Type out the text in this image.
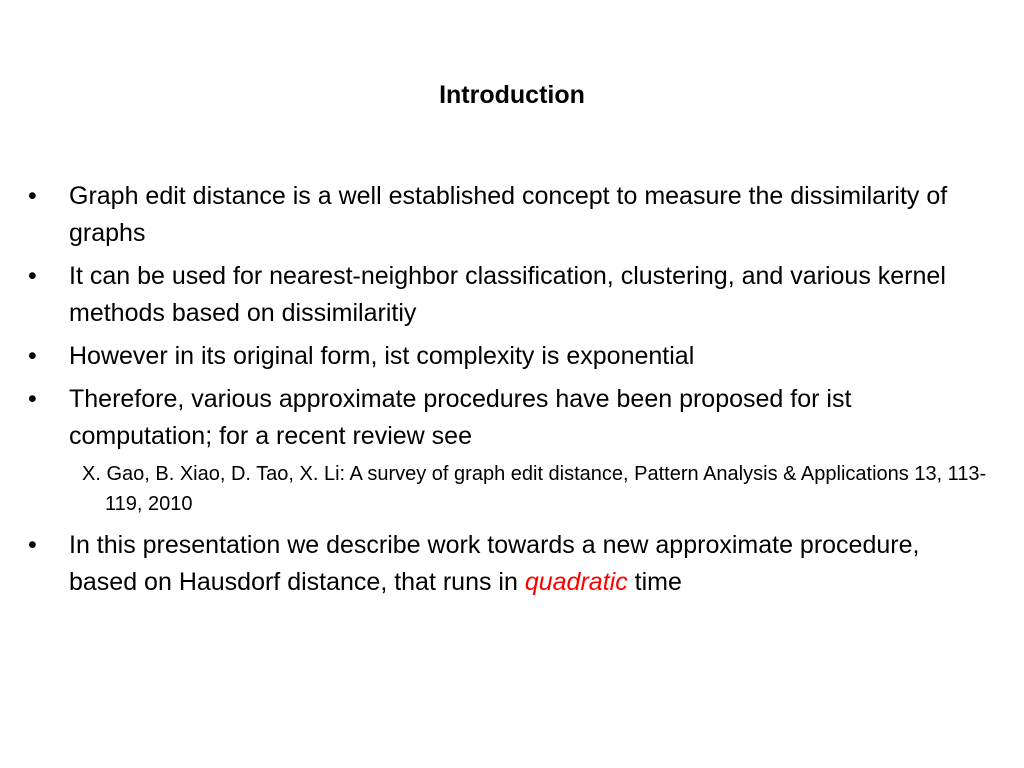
Introduction
•	Graph edit distance is a well established concept to measure the dissimilarity of graphs
•	It can be used for nearest-neighbor classification, clustering, and various kernel methods based on dissimilaritiy
•	However in its original form, ist complexity is exponential
•	Therefore, various approximate procedures have been proposed for ist computation; for a recent review see
X. Gao, B. Xiao, D. Tao, X. Li: A survey of graph edit distance, Pattern Analysis & Applications 13, 113-119, 2010
•	In this presentation we describe work towards a new approximate procedure, based on Hausdorf distance, that runs in quadratic time
